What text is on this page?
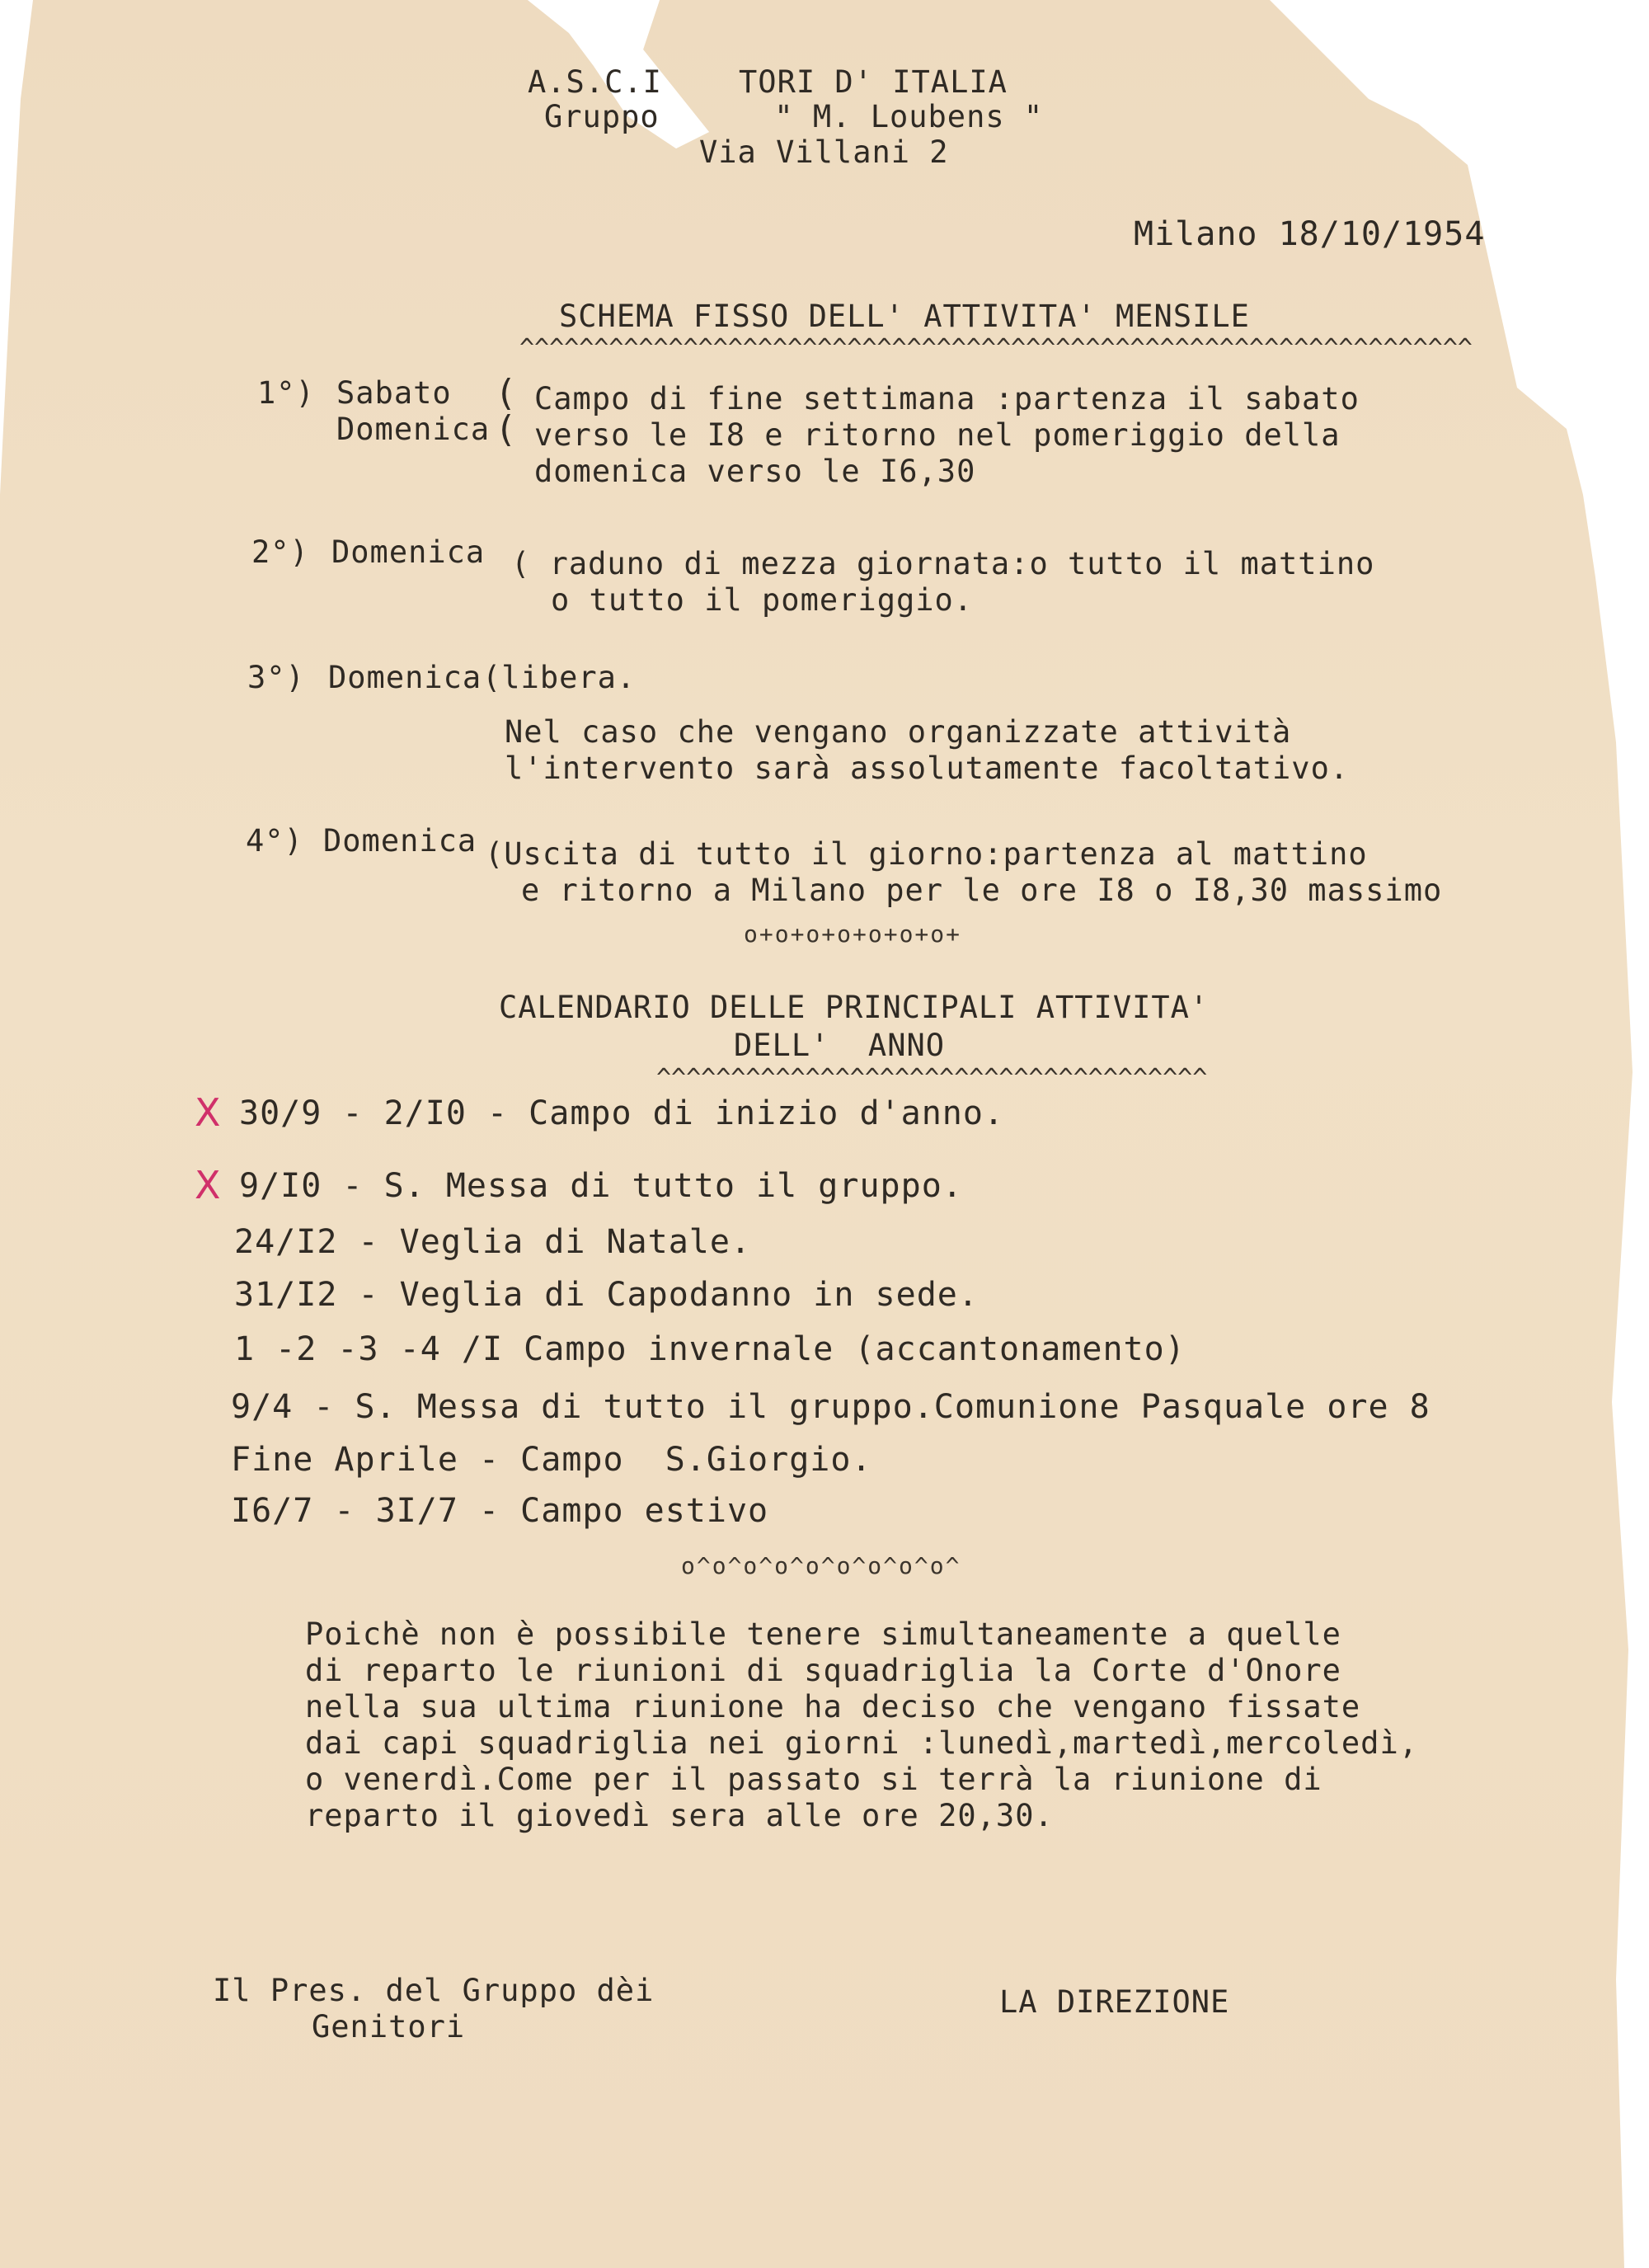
A.S.C.I    TORI D' ITALIA
Gruppo      " M. Loubens "
Via Villani 2
Milano 18/10/1954
SCHEMA FISSO DELL' ATTIVITA' MENSILE
^^^^^^^^^^^^^^^^^^^^^^^^^^^^^^^^^^^^^^^^^^^^^^^^^^^^^^^^^^^^^^^^
1°) Sabato
Domenica
(
(
Campo di fine settimana :partenza il sabato
verso le I8 e ritorno nel pomeriggio della
domenica verso le I6,30
2°) Domenica ( raduno di mezza giornata:o tutto il mattino
o tutto il pomeriggio.
3°) Domenica (libera.
Nel caso che vengano organizzate attività
l'intervento sarà assolutamente facoltativo.
4°) Domenica (Uscita di tutto il giorno:partenza al mattino
e ritorno a Milano per le ore I8 o I8,30 massimo
o+o+o+o+o+o+o+
CALENDARIO DELLE PRINCIPALI ATTIVITA'
DELL'  ANNO
^^^^^^^^^^^^^^^^^^^^^^^^^^^^^^^^^^^^^
X 30/9 - 2/I0 - Campo di inizio d'anno.
X 9/I0 - S. Messa di tutto il gruppo.
24/I2 - Veglia di Natale.
31/I2 - Veglia di Capodanno in sede.
1 -2 -3 -4 /I Campo invernale (accantonamento)
9/4 - S. Messa di tutto il gruppo.Comunione Pasquale ore 8
Fine Aprile - Campo  S.Giorgio.
I6/7 - 3I/7 - Campo estivo
o^o^o^o^o^o^o^o^o^
Poichè non è possibile tenere simultaneamente a quelle
di reparto le riunioni di squadriglia la Corte d'Onore
nella sua ultima riunione ha deciso che vengano fissate
dai capi squadriglia nei giorni :lunedì,martedì,mercoledì,
o venerdì.Come per il passato si terrà la riunione di
reparto il giovedì sera alle ore 20,30.
Il Pres. del Gruppo dèi
Genitori
LA DIREZIONE
